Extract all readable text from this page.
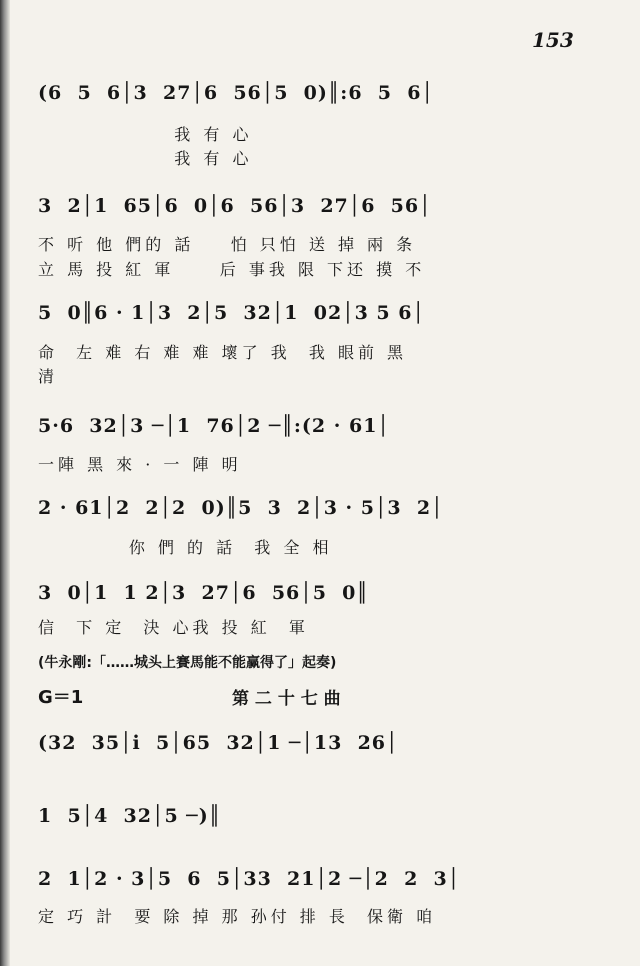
153
(6  5  6│3  27│6  56│5  0)║:6  5  6│
我 有 心
我 有 心
3  2│1  65│6  0│6  56│3  27│6  56│
不 听 他 們的 話    怕 只怕 送 掉 兩 条
立 馬 投 紅 軍     后 事我 限 下还 摸 不
5  0║6 · 1│3  2│5  32│1  02│3 5 6│
命  左 难 右 难 难 壞了 我  我 眼前 黑
清
5·6  32│3 ─│1  76│2 ─║:(2 · 61│
一陣 黑 來 · 一 陣 明
2 · 61│2  2│2  0)║5  3  2│3 · 5│3  2│
你 們 的 話  我 全 相
3  0│1  1 2│3  27│6  56│5  0║
信  下 定  決 心我 投 紅  軍
(牛永剛:「……城头上賽馬能不能赢得了」起奏)
G＝1	第 二 十 七 曲
(32  35│i  5│65  32│1 ─│13  26│
1  5│4  32│5 ─)║
2  1│2 · 3│5  6  5│33  21│2 ─│2  2  3│
定 巧 計  要 除 掉 那 孙付 排 長  保衛 咱
